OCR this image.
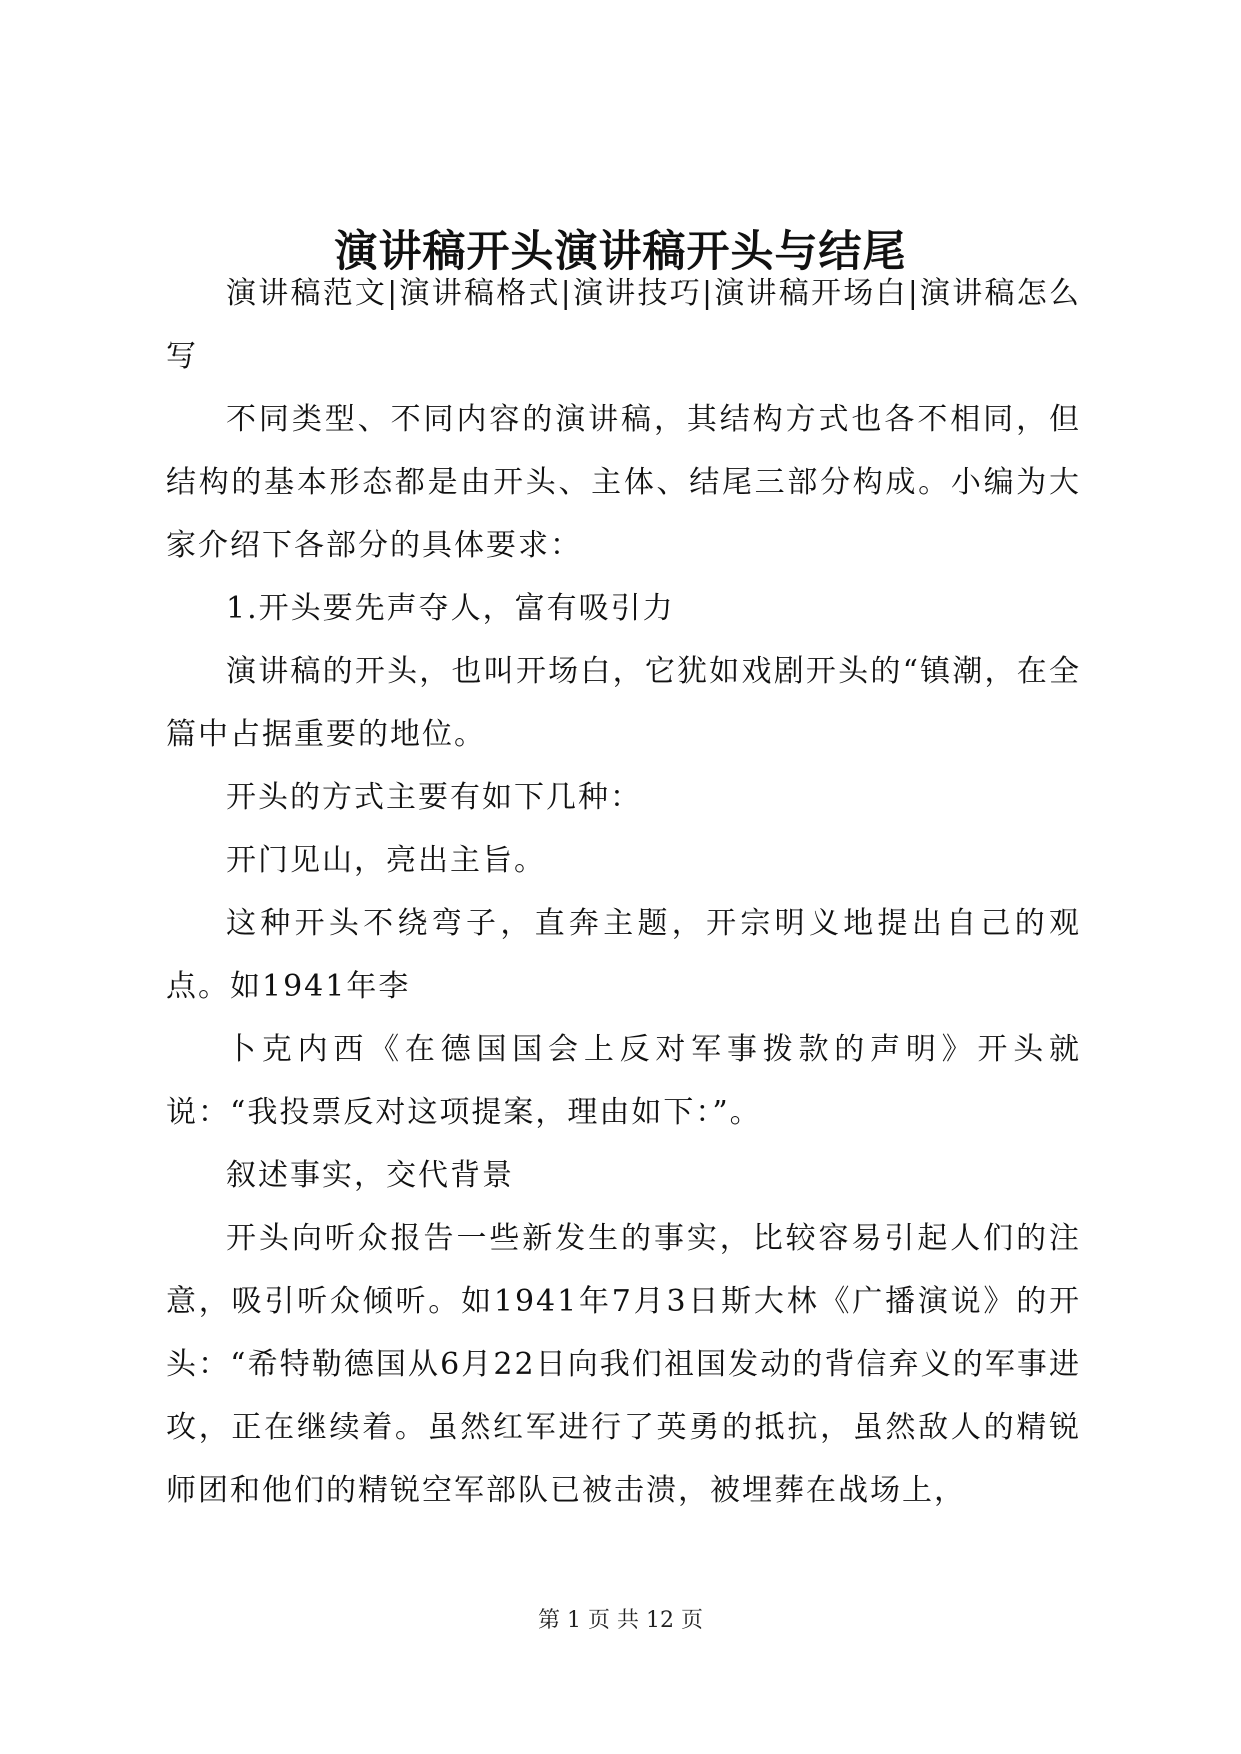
演讲稿开头演讲稿开头与结尾

演讲稿范文|演讲稿格式|演讲技巧|演讲稿开场白|演讲稿怎么写

不同类型、不同内容的演讲稿，其结构方式也各不相同，但结构的基本形态都是由开头、主体、结尾三部分构成。小编为大家介绍下各部分的具体要求：

1.开头要先声夺人，富有吸引力

演讲稿的开头，也叫开场白，它犹如戏剧开头的“镇潮，在全篇中占据重要的地位。

开头的方式主要有如下几种：

开门见山，亮出主旨。

这种开头不绕弯子，直奔主题，开宗明义地提出自己的观点。如1941年李

卜克内西《在德国国会上反对军事拨款的声明》开头就说：“我投票反对这项提案，理由如下：”。

叙述事实，交代背景

开头向听众报告一些新发生的事实，比较容易引起人们的注意，吸引听众倾听。如1941年7月3日斯大林《广播演说》的开头：“希特勒德国从6月22日向我们祖国发动的背信弃义的军事进攻，正在继续着。虽然红军进行了英勇的抵抗，虽然敌人的精锐师团和他们的精锐空军部队已被击溃，被埋葬在战场上，

第 1 页 共 12 页
